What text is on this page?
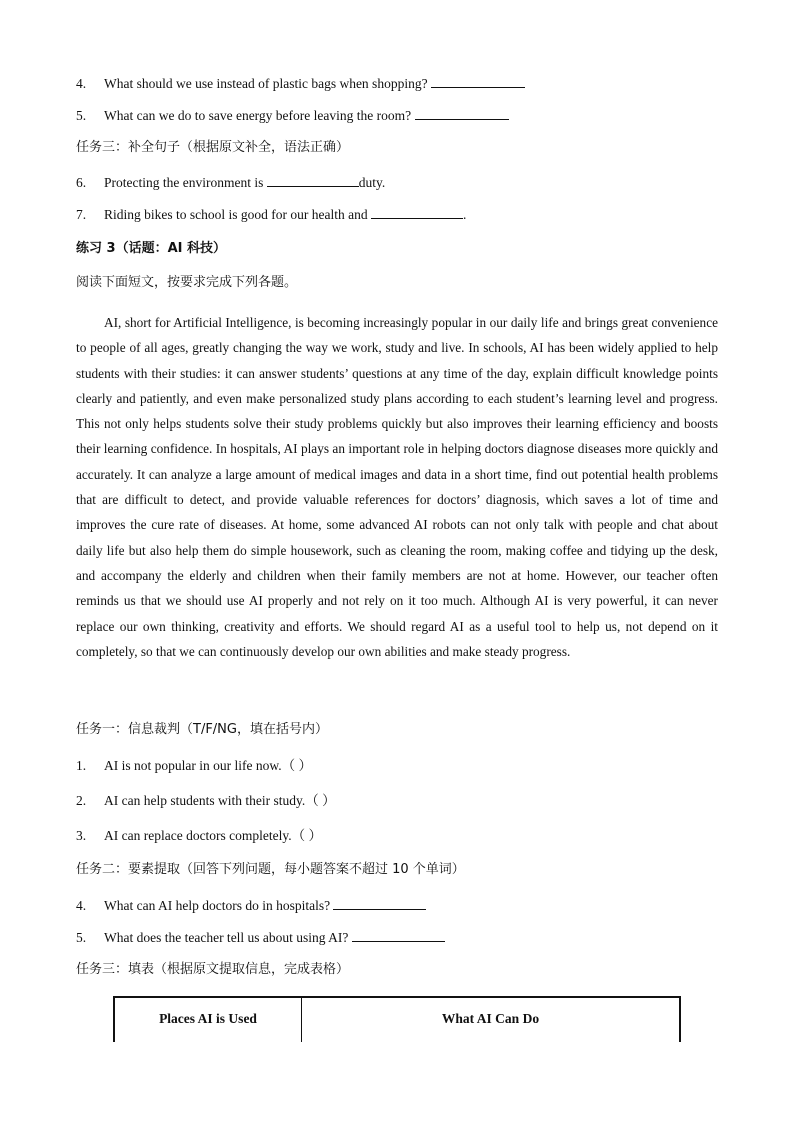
4. What should we use instead of plastic bags when shopping?
5. What can we do to save energy before leaving the room?
任务三：补全句子（根据原文补全，语法正确）
6. Protecting the environment is	duty.
7. Riding bikes to school is good for our health and	.
练习 3（话题：AI 科技）
阅读下面短文，按要求完成下列各题。
AI, short for Artificial Intelligence, is becoming increasingly popular in our daily life and brings great convenience to people of all ages, greatly changing the way we work, study and live. In schools, AI has been widely applied to help students with their studies: it can answer students’ questions at any time of the day, explain difficult knowledge points clearly and patiently, and even make personalized study plans according to each student’s learning level and progress. This not only helps students solve their study problems quickly but also improves their learning efficiency and boosts their learning confidence. In hospitals, AI plays an important role in helping doctors diagnose diseases more quickly and accurately. It can analyze a large amount of medical images and data in a short time, find out potential health problems that are difficult to detect, and provide valuable references for doctors’ diagnosis, which saves a lot of time and improves the cure rate of diseases. At home, some advanced AI robots can not only talk with people and chat about daily life but also help them do simple housework, such as cleaning the room, making coffee and tidying up the desk, and accompany the elderly and children when their family members are not at home. However, our teacher often reminds us that we should use AI properly and not rely on it too much. Although AI is very powerful, it can never replace our own thinking, creativity and efforts. We should regard AI as a useful tool to help us, not depend on it completely, so that we can continuously develop our own abilities and make steady progress.
任务一：信息裁判（T/F/NG，填在括号内）
1. AI is not popular in our life now.（ ）
2. AI can help students with their study.（ ）
3. AI can replace doctors completely.（ ）
任务二：要素提取（回答下列问题，每小题答案不超过 10 个单词）
4. What can AI help doctors do in hospitals?
5. What does the teacher tell us about using AI?
任务三：填表（根据原文提取信息，完成表格）
Places AI is Used	What AI Can Do
